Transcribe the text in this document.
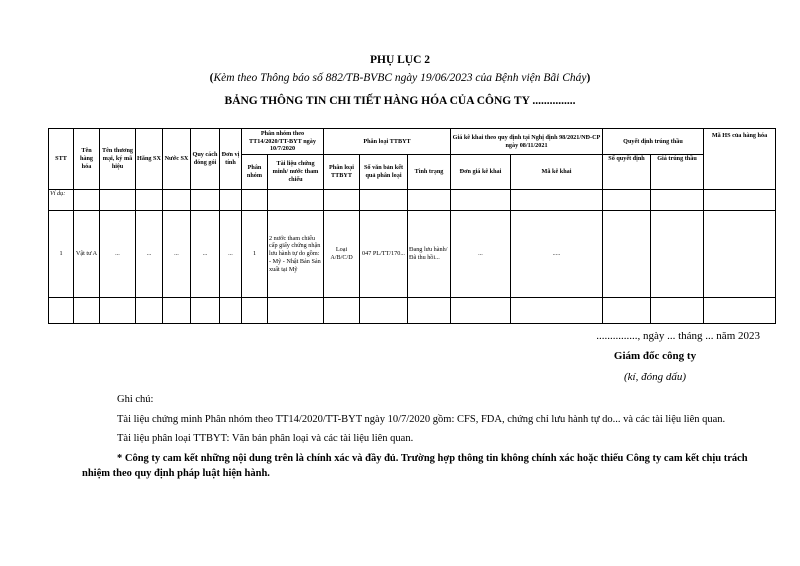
PHỤ LỤC 2
(Kèm theo Thông báo số 882/TB-BVBC ngày 19/06/2023 của Bệnh viện Bãi Cháy)
BẢNG THÔNG TIN CHI TIẾT HÀNG HÓA CỦA CÔNG TY ...............
STT	Tên hàng hóa	Tên thương mại, ký mã hiệu	Hãng SX	Nước SX	Quy cách đóng gói	Đơn vị tính	Phân nhóm theo TT14/2020/TT-BYT ngày 10/7/2020		Phân loại TTBYT			Giá kê khai theo quy định tại Nghị định 98/2021/NĐ-CP ngày 08/11/2021		Quyết định trúng thầu		Mã HS của hàng hóa
							Phân nhóm	Tài liệu chứng minh/ nước tham chiếu	Phân loại TTBYT	Số văn bản kết quả phân loại	Tình trạng	Đơn giá kê khai	Mã kê khai	Số quyết định	Giá trúng thầu	
Ví dụ:																
1	Vật tư A	...	...	...	...	...	1	2 nước tham chiếu cấp giấy chứng nhận lưu hành tự do gồm: - Mỹ - Nhật Bản Sản xuất tại Mỹ	Loại A/B/C/D	047 PL/TT/170...	Đang lưu hành/ Đã thu hồi...	...	.....			

..............., ngày ... tháng ... năm 2023
Giám đốc công ty
(kí, đóng dấu)

Ghi chú:

Tài liệu chứng minh Phân nhóm theo TT14/2020/TT-BYT ngày 10/7/2020 gồm: CFS, FDA, chứng chỉ lưu hành tự do... và các tài liệu liên quan.

Tài liệu phân loại TTBYT: Văn bản phân loại và các tài liệu liên quan.

* Công ty cam kết những nội dung trên là chính xác và đầy đủ. Trường hợp thông tin không chính xác hoặc thiếu Công ty cam kết chịu trách nhiệm theo quy định pháp luật hiện hành.
